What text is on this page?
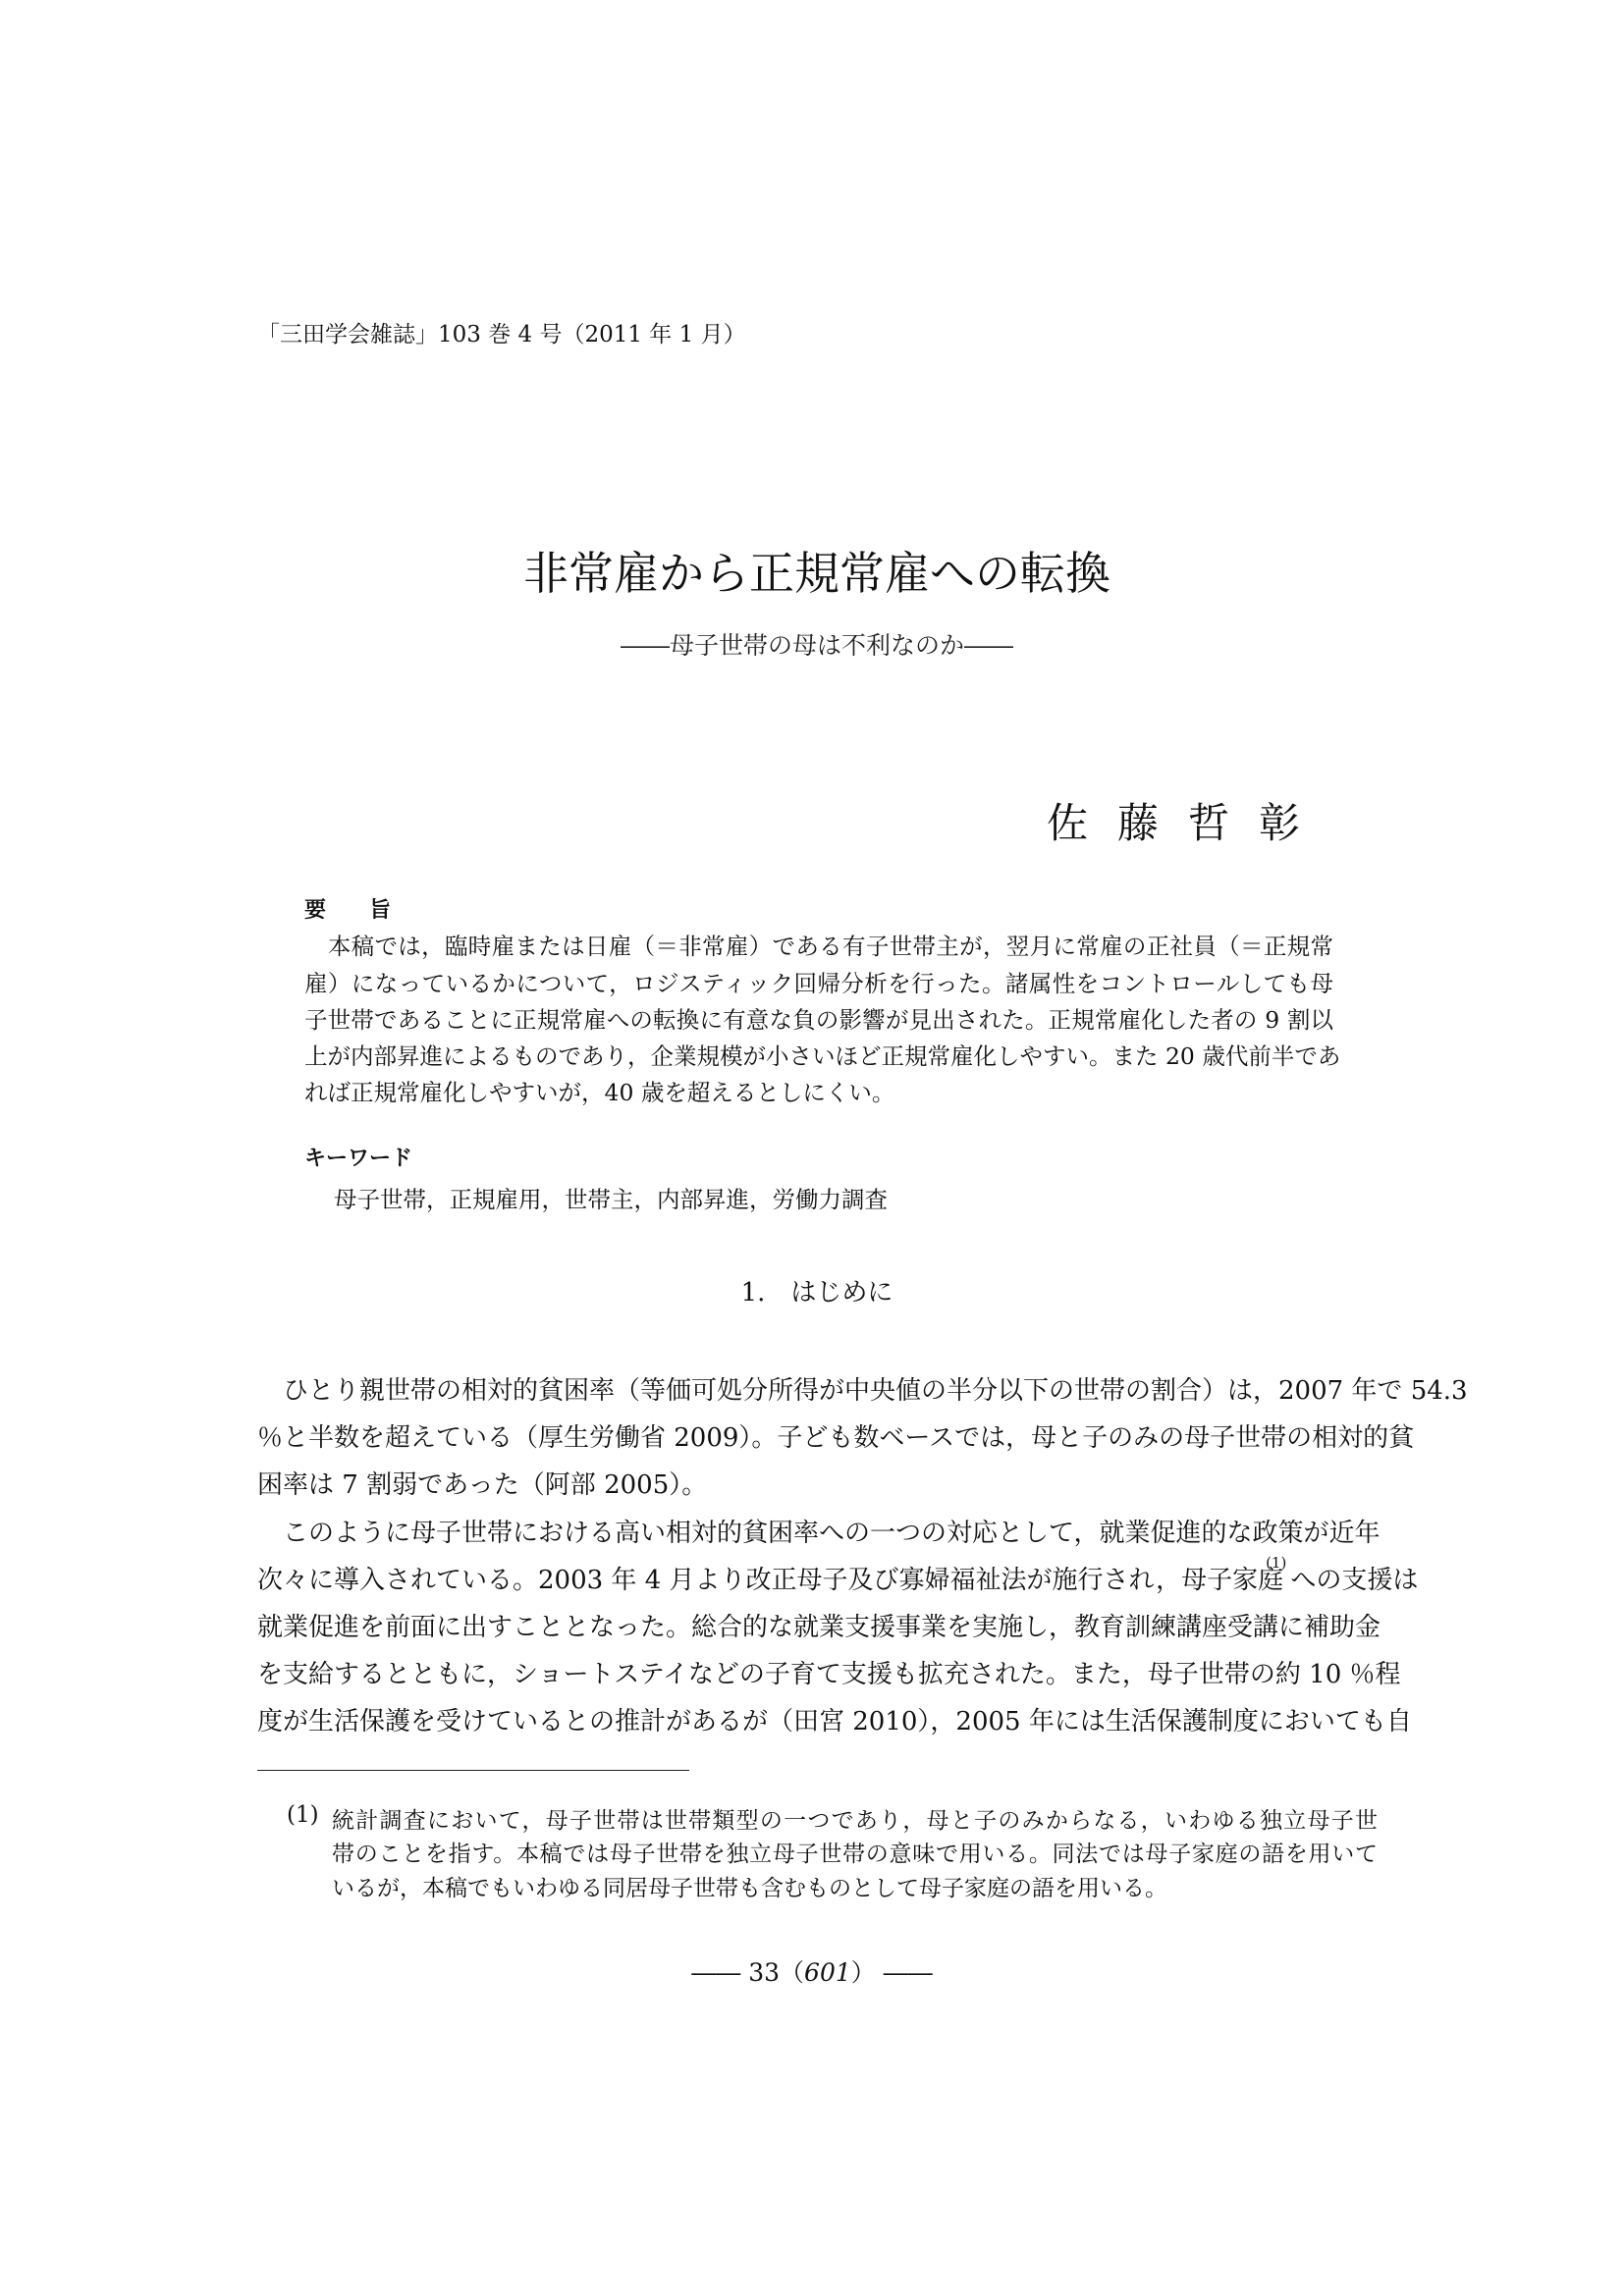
「三田学会雑誌」103 巻 4 号（2011 年 1 月）
非常雇から正規常雇への転換
――母子世帯の母は不利なのか――
佐藤哲彰
要　　旨
　本稿では，臨時雇または日雇（＝非常雇）である有子世帯主が，翌月に常雇の正社員（＝正規常
雇）になっているかについて，ロジスティック回帰分析を行った。諸属性をコントロールしても母
子世帯であることに正規常雇への転換に有意な負の影響が見出された。正規常雇化した者の 9 割以
上が内部昇進によるものであり，企業規模が小さいほど正規常雇化しやすい。また 20 歳代前半であ
れば正規常雇化しやすいが，40 歳を超えるとしにくい。
キーワード
母子世帯，正規雇用，世帯主，内部昇進，労働力調査
1.　はじめに
　ひとり親世帯の相対的貧困率（等価可処分所得が中央値の半分以下の世帯の割合）は，2007 年で 54.3
％と半数を超えている（厚生労働省 2009）。子ども数ベースでは，母と子のみの母子世帯の相対的貧
困率は 7 割弱であった（阿部 2005）。
　このように母子世帯における高い相対的貧困率への一つの対応として，就業促進的な政策が近年
次々に導入されている。2003 年 4 月より改正母子及び寡婦福祉法が施行され，母子家庭$^{(1)}$への支援は
就業促進を前面に出すこととなった。総合的な就業支援事業を実施し，教育訓練講座受講に補助金
を支給するとともに，ショートステイなどの子育て支援も拡充された。また，母子世帯の約 10 ％程
度が生活保護を受けているとの推計があるが（田宮 2010），2005 年には生活保護制度においても自
(1) 統計調査において，母子世帯は世帯類型の一つであり，母と子のみからなる，いわゆる独立母子世
帯のことを指す。本稿では母子世帯を独立母子世帯の意味で用いる。同法では母子家庭の語を用いて
いるが，本稿でもいわゆる同居母子世帯も含むものとして母子家庭の語を用いる。
―― 33（601） ――
